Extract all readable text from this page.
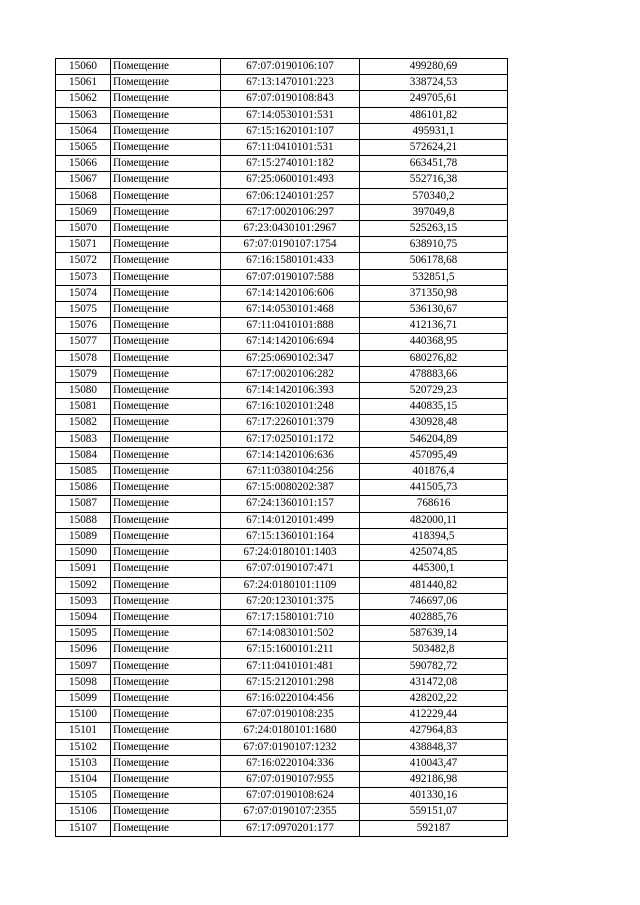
15060	Помещение	67:07:0190106:107	499280,69
15061	Помещение	67:13:1470101:223	338724,53
15062	Помещение	67:07:0190108:843	249705,61
15063	Помещение	67:14:0530101:531	486101,82
15064	Помещение	67:15:1620101:107	495931,1
15065	Помещение	67:11:0410101:531	572624,21
15066	Помещение	67:15:2740101:182	663451,78
15067	Помещение	67:25:0600101:493	552716,38
15068	Помещение	67:06:1240101:257	570340,2
15069	Помещение	67:17:0020106:297	397049,8
15070	Помещение	67:23:0430101:2967	525263,15
15071	Помещение	67:07:0190107:1754	638910,75
15072	Помещение	67:16:1580101:433	506178,68
15073	Помещение	67:07:0190107:588	532851,5
15074	Помещение	67:14:1420106:606	371350,98
15075	Помещение	67:14:0530101:468	536130,67
15076	Помещение	67:11:0410101:888	412136,71
15077	Помещение	67:14:1420106:694	440368,95
15078	Помещение	67:25:0690102:347	680276,82
15079	Помещение	67:17:0020106:282	478883,66
15080	Помещение	67:14:1420106:393	520729,23
15081	Помещение	67:16:1020101:248	440835,15
15082	Помещение	67:17:2260101:379	430928,48
15083	Помещение	67:17:0250101:172	546204,89
15084	Помещение	67:14:1420106:636	457095,49
15085	Помещение	67:11:0380104:256	401876,4
15086	Помещение	67:15:0080202:387	441505,73
15087	Помещение	67:24:1360101:157	768616
15088	Помещение	67:14:0120101:499	482000,11
15089	Помещение	67:15:1360101:164	418394,5
15090	Помещение	67:24:0180101:1403	425074,85
15091	Помещение	67:07:0190107:471	445300,1
15092	Помещение	67:24:0180101:1109	481440,82
15093	Помещение	67:20:1230101:375	746697,06
15094	Помещение	67:17:1580101:710	402885,76
15095	Помещение	67:14:0830101:502	587639,14
15096	Помещение	67:15:1600101:211	503482,8
15097	Помещение	67:11:0410101:481	590782,72
15098	Помещение	67:15:2120101:298	431472,08
15099	Помещение	67:16:0220104:456	428202,22
15100	Помещение	67:07:0190108:235	412229,44
15101	Помещение	67:24:0180101:1680	427964,83
15102	Помещение	67:07:0190107:1232	438848,37
15103	Помещение	67:16:0220104:336	410043,47
15104	Помещение	67:07:0190107:955	492186,98
15105	Помещение	67:07:0190108:624	401330,16
15106	Помещение	67:07:0190107:2355	559151,07
15107	Помещение	67:17:0970201:177	592187
